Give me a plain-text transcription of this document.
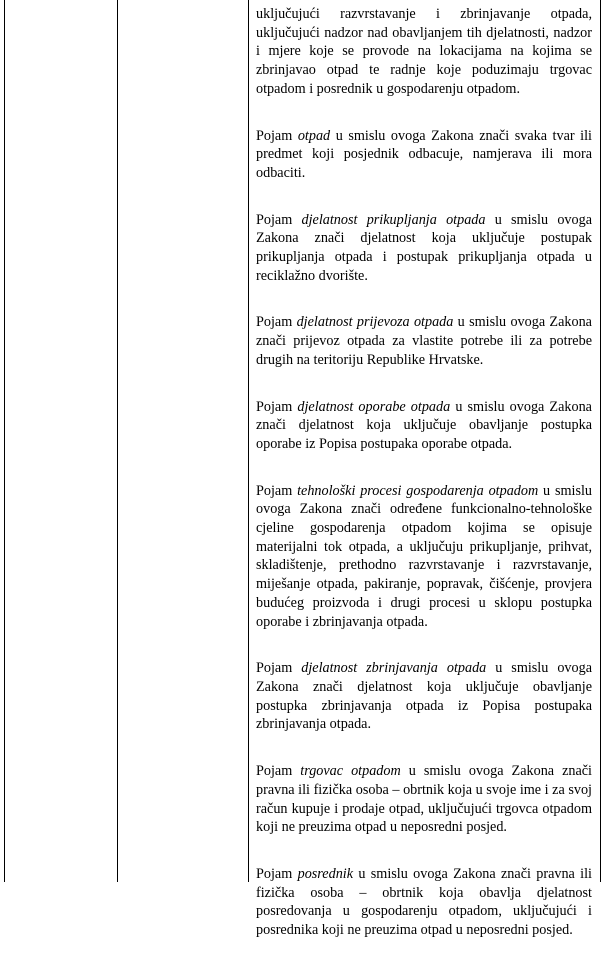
uključujući razvrstavanje i zbrinjavanje otpada, uključujući nadzor nad obavljanjem tih djelatnosti, nadzor i mjere koje se provode na lokacijama na kojima se zbrinjavao otpad te radnje koje poduzimaju trgovac otpadom i posrednik u gospodarenju otpadom.

Pojam otpad u smislu ovoga Zakona znači svaka tvar ili predmet koji posjednik odbacuje, namjerava ili mora odbaciti.

Pojam djelatnost prikupljanja otpada u smislu ovoga Zakona znači djelatnost koja uključuje postupak prikupljanja otpada i postupak prikupljanja otpada u reciklažno dvorište.

Pojam djelatnost prijevoza otpada u smislu ovoga Zakona znači prijevoz otpada za vlastite potrebe ili za potrebe drugih na teritoriju Republike Hrvatske.

Pojam djelatnost oporabe otpada u smislu ovoga Zakona znači djelatnost koja uključuje obavljanje postupka oporabe iz Popisa postupaka oporabe otpada.

Pojam tehnološki procesi gospodarenja otpadom u smislu ovoga Zakona znači određene funkcionalno-tehnološke cjeline gospodarenja otpadom kojima se opisuje materijalni tok otpada, a uključuju prikupljanje, prihvat, skladištenje, prethodno razvrstavanje i razvrstavanje, miješanje otpada, pakiranje, popravak, čišćenje, provjera budućeg proizvoda i drugi procesi u sklopu postupka oporabe i zbrinjavanja otpada.

Pojam djelatnost zbrinjavanja otpada u smislu ovoga Zakona znači djelatnost koja uključuje obavljanje postupka zbrinjavanja otpada iz Popisa postupaka zbrinjavanja otpada.

Pojam trgovac otpadom u smislu ovoga Zakona znači pravna ili fizička osoba – obrtnik koja u svoje ime i za svoj račun kupuje i prodaje otpad, uključujući trgovca otpadom koji ne preuzima otpad u neposredni posjed.

Pojam posrednik u smislu ovoga Zakona znači pravna ili fizička osoba – obrtnik koja obavlja djelatnost posredovanja u gospodarenju otpadom, uključujući i posrednika koji ne preuzima otpad u neposredni posjed.
